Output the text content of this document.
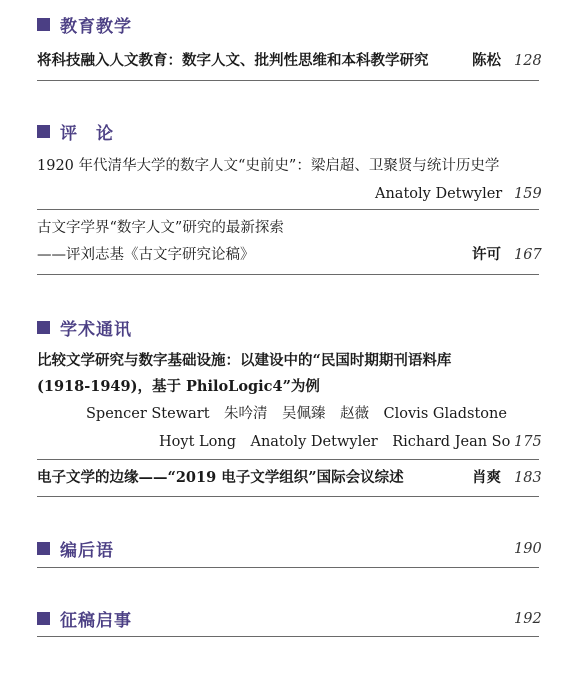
教育教学
将科技融入人文教育：数字人文、批判性思维和本科教学研究	陈松 128
评　论
1920 年代清华大学的数字人文“史前史”：梁启超、卫聚贤与统计历史学
Anatoly Detwyler 159
古文字学界“数字人文”研究的最新探索
——评刘志基《古文字研究论稿》	许可 167
学术通讯
比较文学研究与数字基础设施：以建设中的“民国时期期刊语料库
(1918-1949)，基于 PhiloLogic4”为例
Spencer Stewart　朱吟清　吴佩臻　赵薇　Clovis Gladstone
Hoyt Long　Anatoly Detwyler　Richard Jean So 175
电子文学的边缘——“2019 电子文学组织”国际会议综述	肖爽 183
编后语	190
征稿启事	192
